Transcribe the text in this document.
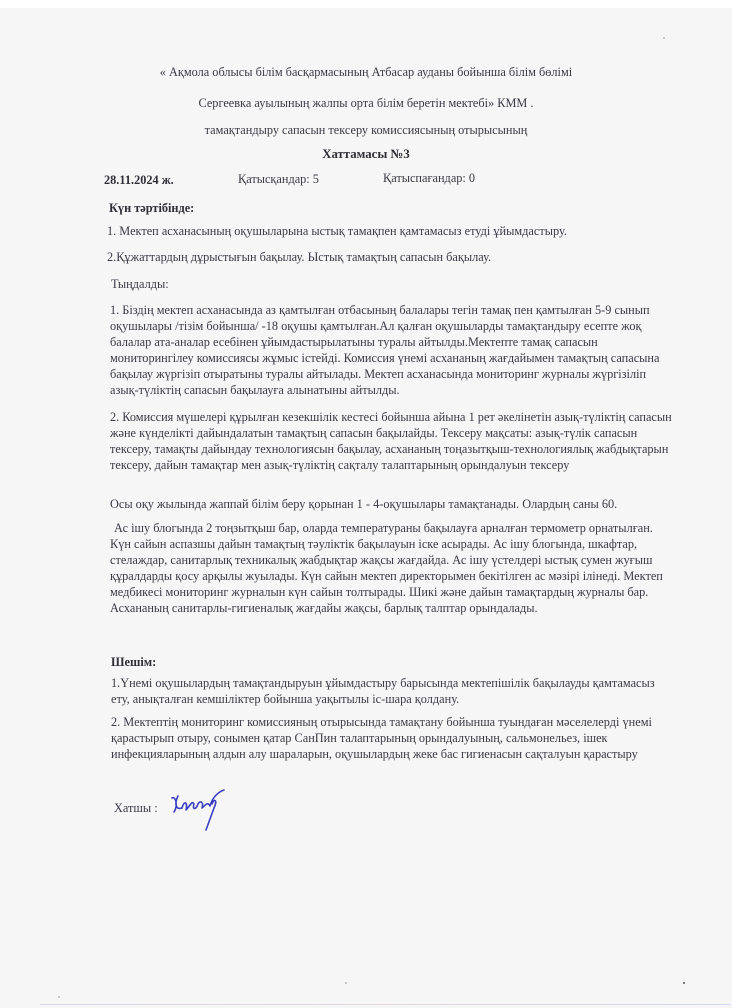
« Ақмола облысы білім басқармасының Атбасар ауданы бойынша білім бөлімі
Сергеевка ауылының жалпы орта білім беретін мектебі» КММ .
тамақтандыру сапасын тексеру комиссиясының отырысының
Хаттамасы №3
28.11.2024 ж.	Қатысқандар: 5	Қатыспағандар: 0
Күн тәртібінде:
1. Мектеп асханасының оқушыларына ыстық тамақпен қамтамасыз етуді ұйымдастыру.
2.Құжаттардың дұрыстығын бақылау. Ыстық тамақтың сапасын бақылау.
Тыңдалды:
1. Біздің мектеп асханасында аз қамтылған отбасының балалары тегін тамақ пен қамтылған 5-9 сынып оқушылары /тізім бойынша/ -18 оқушы қамтылған.Ал қалған оқушыларды тамақтандыру есепте жоқ балалар ата-аналар есебінен ұйымдастырылатыны туралы айтылды.Мектепте тамақ сапасын мониторингілеу комиссиясы жұмыс істейді. Комиссия үнемі асхананың жағдайымен тамақтың сапасына бақылау жүргізіп отыратыны туралы айтылады. Мектеп асханасында мониторинг журналы жүргізіліп азық-түліктің сапасын бақылауға алынатыны айтылды.
2. Комиссия мүшелері құрылған кезекшілік кестесі бойынша айына 1 рет әкелінетін азық-түліктің сапасын және күнделікті дайындалатын тамақтың сапасын бақылайды. Тексеру мақсаты: азық-түлік сапасын тексеру, тамақты дайындау технологиясын бақылау, асхананың тоңазытқыш-технологиялық жабдықтарын тексеру, дайын тамақтар мен азық-түліктің сақталу талаптарының орындалуын тексеру
Осы оқу жылында жаппай білім беру қорынан 1 - 4-оқушылары тамақтанады. Олардың саны 60.
Ас ішу блогында 2 тоңзытқыш бар, оларда температураны бақылауға арналған термометр орнатылған. Күн сайын аспазшы дайын тамақтың тәуліктік бақылауын іске асырады. Ас ішу блогында, шкафтар, стелаждар, санитарлық техникалық жабдықтар жақсы жағдайда. Ас ішу үстелдері ыстық сумен жуғыш құралдарды қосу арқылы жуылады. Күн сайын мектеп директорымен бекітілген ас мәзірі ілінеді. Мектеп медбикесі мониторинг журналын күн сайын толтырады. Шикі және дайын тамақтардың журналы бар. Асхананың санитарлы-гигиеналық жағдайы жақсы, барлық талптар орындалады.
Шешім:
1.Үнемі оқушылардың тамақтандыруын ұйымдастыру барысында мектепішілік бақылауды қамтамасыз ету, анықталған кемшіліктер бойынша уақытылы іс-шара қолдану.
2. Мектептің мониторинг комиссияның отырысында тамақтану бойынша туындаған мәселелерді үнемі қарастырып отыру, сонымен қатар СанПин талаптарының орындалуының, сальмонельез, ішек инфекцияларының алдын алу шараларын, оқушылардың жеке бас гигиенасын сақталуын қарастыру
Хатшы :
